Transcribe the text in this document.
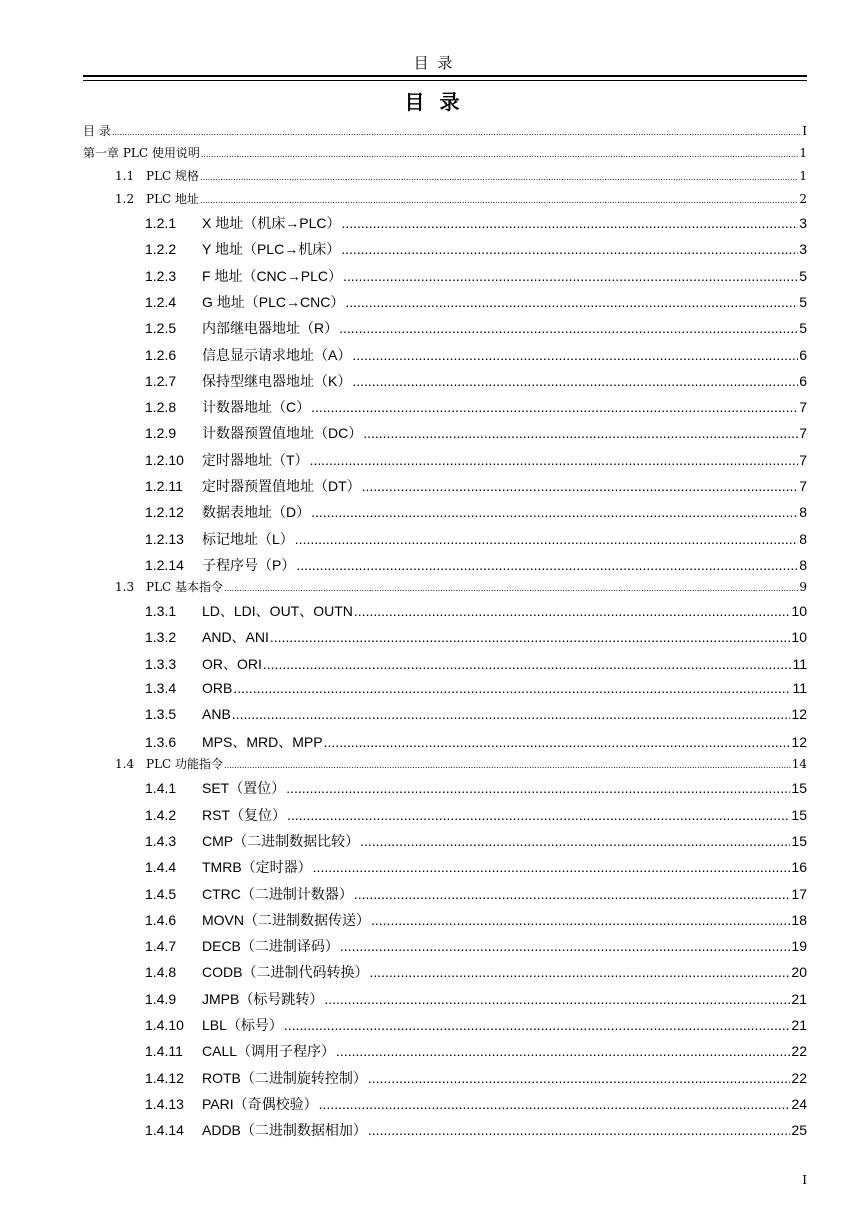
目 录
目 录
目 录 .....	I
第一章 PLC 使用说明 .....	1
1.1 PLC 规格 .....	1
1.2 PLC 地址 .....	2
1.2.1	X 地址（机床→PLC） .....	3
1.2.2	Y 地址（PLC→机床） .....	3
1.2.3	F 地址（CNC→PLC） .....	5
1.2.4	G 地址（PLC→CNC） .....	5
1.2.5	内部继电器地址（R） .....	5
1.2.6	信息显示请求地址（A） .....	6
1.2.7	保持型继电器地址（K） .....	6
1.2.8	计数器地址（C） .....	7
1.2.9	计数器预置值地址（DC） .....	7
1.2.10	定时器地址（T） .....	7
1.2.11	定时器预置值地址（DT） .....	7
1.2.12	数据表地址（D） .....	8
1.2.13	标记地址（L） .....	8
1.2.14	子程序号（P） .....	8
1.3 PLC 基本指令 .....	9
1.3.1	LD、LDI、OUT、OUTN .....	10
1.3.2	AND、ANI .....	10
1.3.3	OR、ORI .....	11
1.3.4	ORB .....	11
1.3.5	ANB .....	12
1.3.6	MPS、MRD、MPP .....	12
1.4 PLC 功能指令 .....	14
1.4.1	SET（置位） .....	15
1.4.2	RST（复位） .....	15
1.4.3	CMP（二进制数据比较） .....	15
1.4.4	TMRB（定时器） .....	16
1.4.5	CTRC（二进制计数器） .....	17
1.4.6	MOVN（二进制数据传送） .....	18
1.4.7	DECB（二进制译码） .....	19
1.4.8	CODB（二进制代码转换） .....	20
1.4.9	JMPB（标号跳转） .....	21
1.4.10	LBL（标号） .....	21
1.4.11	CALL（调用子程序） .....	22
1.4.12	ROTB（二进制旋转控制） .....	22
1.4.13	PARI（奇偶校验） .....	24
1.4.14	ADDB（二进制数据相加） .....	25
I
